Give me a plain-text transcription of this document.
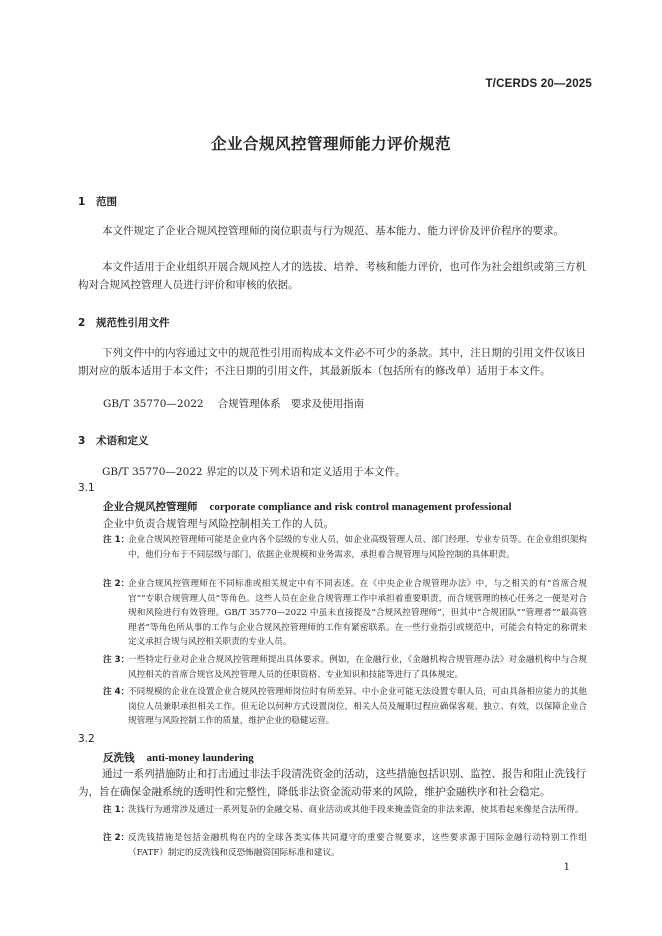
T/CERDS 20—2025
企业合规风控管理师能力评价规范
1 范围
本文件规定了企业合规风控管理师的岗位职责与行为规范、基本能力、能力评价及评价程序的要求。
本文件适用于企业组织开展合规风控人才的选拔、培养、考核和能力评价，也可作为社会组织或第三方机构对合规风控管理人员进行评价和审核的依据。
2 规范性引用文件
下列文件中的内容通过文中的规范性引用而构成本文件必不可少的条款。其中，注日期的引用文件仅该日期对应的版本适用于本文件；不注日期的引用文件，其最新版本（包括所有的修改单）适用于本文件。
GB/T 35770—2022 合规管理体系 要求及使用指南
3 术语和定义
GB/T 35770—2022 界定的以及下列术语和定义适用于本文件。
3.1
企业合规风控管理师 corporate compliance and risk control management professional
企业中负责合规管理与风险控制相关工作的人员。
注 1：
企业合规风控管理师可能是企业内各个层级的专业人员，如企业高级管理人员、部门经理、专业专员等。在企业组织架构中，他们分布于不同层级与部门，依据企业规模和业务需求，承担着合规管理与风险控制的具体职责。
注 2：
企业合规风控管理师在不同标准或相关规定中有不同表述。在《中央企业合规管理办法》中，与之相关的有“首席合规官”“专职合规管理人员”等角色。这些人员在企业合规管理工作中承担着重要职责，而合规管理的核心任务之一便是对合规和风险进行有效管理。GB/T 35770—2022 中虽未直接提及“合规风控管理师”，但其中“合规团队”“管理者”“最高管理者”等角色所从事的工作与企业合规风控管理师的工作有紧密联系。在一些行业指引或规范中，可能会有特定的称谓来定义承担合规与风控相关职责的专业人员。
注 3：
一些特定行业对企业合规风控管理师提出具体要求。例如，在金融行业，《金融机构合规管理办法》对金融机构中与合规风控相关的首席合规官及风控管理人员的任职资格、专业知识和技能等进行了具体规定。
注 4：
不同规模的企业在设置企业合规风控管理师岗位时有所差异。中小企业可能无法设置专职人员，可由具备相应能力的其他岗位人员兼职承担相关工作。但无论以何种方式设置岗位，相关人员及履职过程应确保客观、独立、有效，以保障企业合规管理与风险控制工作的质量，维护企业的稳健运营。
3.2
反洗钱 anti-money laundering
通过一系列措施防止和打击通过非法手段清洗资金的活动，这些措施包括识别、监控、报告和阻止洗钱行为，旨在确保金融系统的透明性和完整性，降低非法资金流动带来的风险，维护金融秩序和社会稳定。
注 1：
洗钱行为通常涉及通过一系列复杂的金融交易、商业活动或其他手段来掩盖资金的非法来源，使其看起来像是合法所得。
注 2：
反洗钱措施是包括金融机构在内的全球各类实体共同遵守的重要合规要求，这些要求源于国际金融行动特别工作组（FATF）制定的反洗钱和反恐怖融资国际标准和建议。
1
